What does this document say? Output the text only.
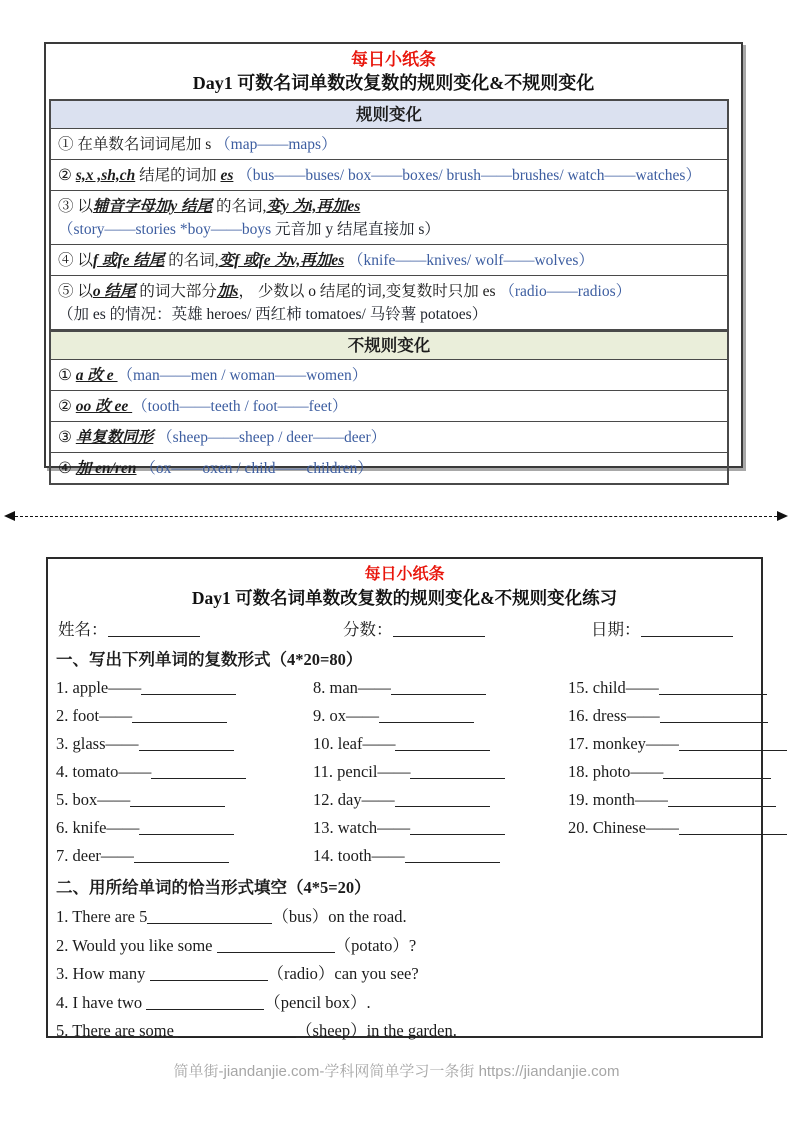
每日小纸条
Day1 可数名词单数改复数的规则变化&不规则变化
规则变化
① 在单数名词词尾加 s （map——maps）
② s,x ,sh,ch 结尾的词加 es （bus——buses/ box——boxes/ brush——brushes/ watch——watches）
③ 以辅音字母加y 结尾 的名词,变y 为i,再加es
（story——stories *boy——boys 元音加 y 结尾直接加 s）
④ 以f 或fe 结尾 的名词,变f 或fe 为v,再加es （knife——knives/ wolf——wolves）
⑤ 以o 结尾 的词大部分加s， 少数以 o 结尾的词,变复数时只加 es （radio——radios）
（加 es 的情况：英雄 heroes/ 西红柿 tomatoes/ 马铃薯 potatoes）
不规则变化
① a 改 e （man——men / woman——women）
② oo 改 ee （tooth——teeth / foot——feet）
③ 单复数同形 （sheep——sheep / deer——deer）
④ 加 en/ren （ox——oxen / child——children）
每日小纸条
Day1 可数名词单数改复数的规则变化&不规则变化练习
姓名：	分数：	日期：
一、写出下列单词的复数形式（4*20=80）
1. apple——
2. foot——
3. glass——
4. tomato——
5. box——
6. knife——
7. deer——
8. man——
9. ox——
10. leaf——
11. pencil——
12. day——
13. watch——
14. tooth——
15. child——
16. dress——
17. monkey——
18. photo——
19. month——
20. Chinese——
二、用所给单词的恰当形式填空（4*5=20）
1. There are 5	（bus）on the road.
2. Would you like some	（potato）?
3. How many	（radio）can you see?
4. I have two	（pencil box）.
5. There are some	（sheep）in the garden.
简单街-jiandanjie.com-学科网简单学习一条街 https://jiandanjie.com
